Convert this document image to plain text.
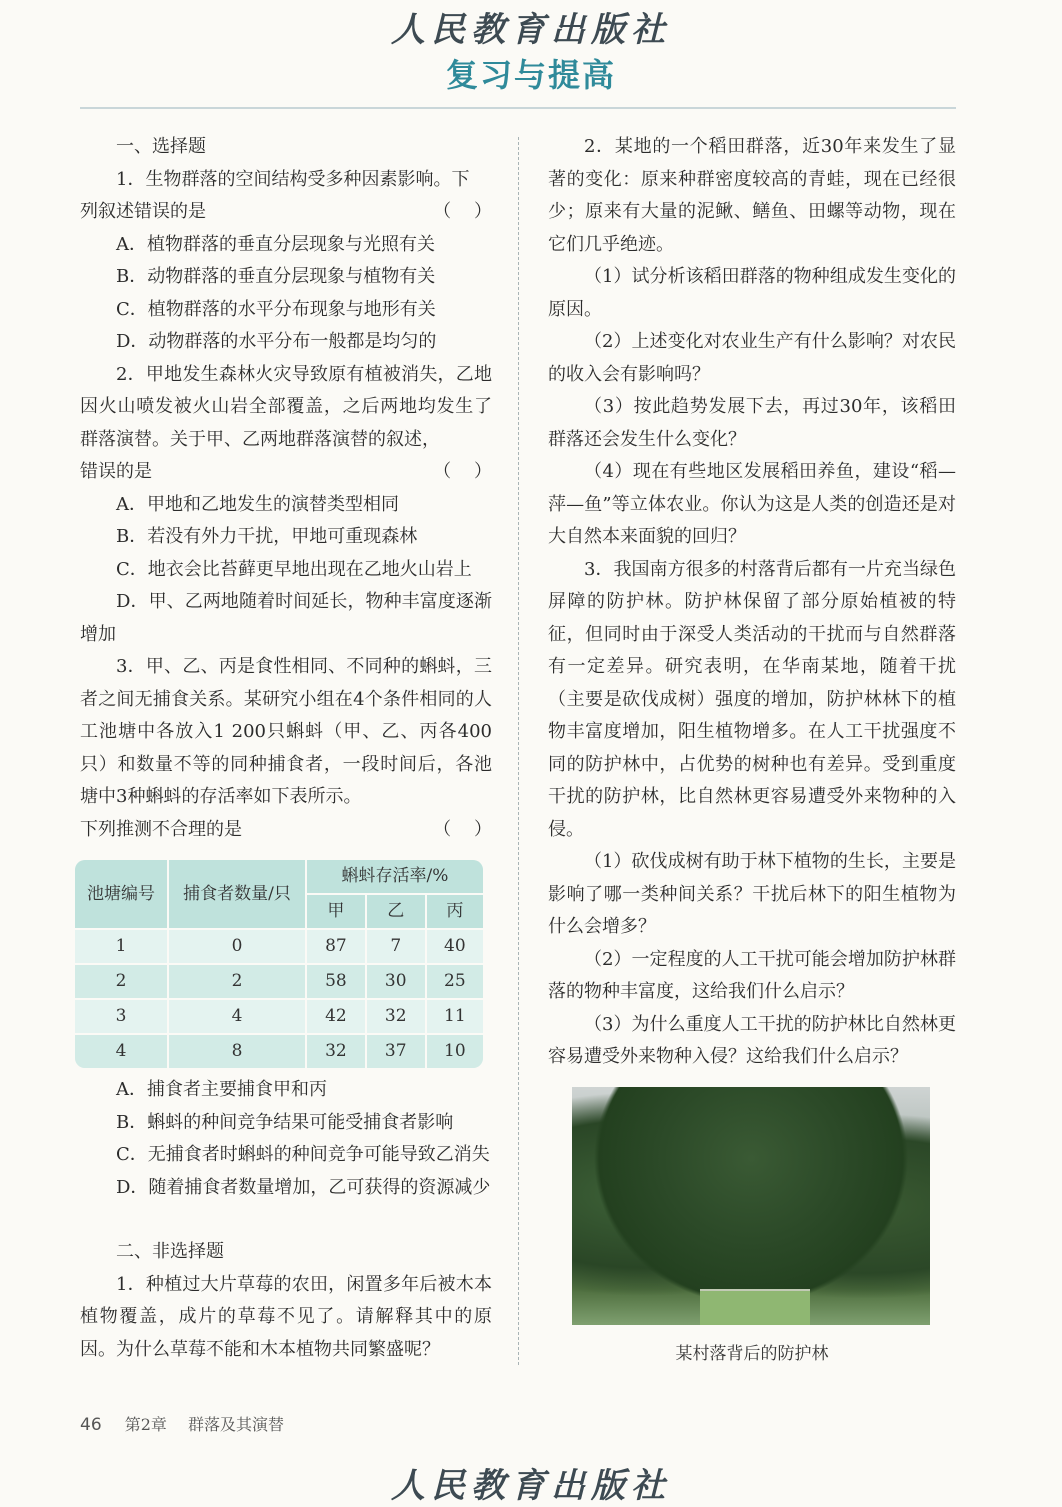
人民教育出版社
复习与提高

一、选择题

1．生物群落的空间结构受多种因素影响。下

列叙述错误的是	（    ）

A．植物群落的垂直分层现象与光照有关

B．动物群落的垂直分层现象与植物有关

C．植物群落的水平分布现象与地形有关

D．动物群落的水平分布一般都是均匀的

2．甲地发生森林火灾导致原有植被消失，乙地因火山喷发被火山岩全部覆盖，之后两地均发生了群落演替。关于甲、乙两地群落演替的叙述，

错误的是	（    ）

A．甲地和乙地发生的演替类型相同

B．若没有外力干扰，甲地可重现森林

C．地衣会比苔藓更早地出现在乙地火山岩上

D．甲、乙两地随着时间延长，物种丰富度逐渐增加

3．甲、乙、丙是食性相同、不同种的蝌蚪，三者之间无捕食关系。某研究小组在4个条件相同的人工池塘中各放入1 200只蝌蚪（甲、乙、丙各400只）和数量不等的同种捕食者，一段时间后，各池塘中3种蝌蚪的存活率如下表所示。

下列推测不合理的是	（    ）

池塘编号	捕食者数量/只	蝌蚪存活率/%		
		甲	乙	丙
1	0	87	7	40
2	2	58	30	25
3	4	42	32	11
4	8	32	37	10

A．捕食者主要捕食甲和丙

B．蝌蚪的种间竞争结果可能受捕食者影响

C．无捕食者时蝌蚪的种间竞争可能导致乙消失

D．随着捕食者数量增加，乙可获得的资源减少

二、非选择题

1．种植过大片草莓的农田，闲置多年后被木本植物覆盖，成片的草莓不见了。请解释其中的原因。为什么草莓不能和木本植物共同繁盛呢？

2．某地的一个稻田群落，近30年来发生了显著的变化：原来种群密度较高的青蛙，现在已经很少；原来有大量的泥鳅、鳝鱼、田螺等动物，现在它们几乎绝迹。

（1）试分析该稻田群落的物种组成发生变化的原因。

（2）上述变化对农业生产有什么影响？对农民的收入会有影响吗？

（3）按此趋势发展下去，再过30年，该稻田群落还会发生什么变化？

（4）现在有些地区发展稻田养鱼，建设“稻—萍—鱼”等立体农业。你认为这是人类的创造还是对大自然本来面貌的回归？

3．我国南方很多的村落背后都有一片充当绿色屏障的防护林。防护林保留了部分原始植被的特征，但同时由于深受人类活动的干扰而与自然群落有一定差异。研究表明，在华南某地，随着干扰（主要是砍伐成树）强度的增加，防护林林下的植物丰富度增加，阳生植物增多。在人工干扰强度不同的防护林中，占优势的树种也有差异。受到重度干扰的防护林，比自然林更容易遭受外来物种的入侵。

（1）砍伐成树有助于林下植物的生长，主要是影响了哪一类种间关系？干扰后林下的阳生植物为什么会增多？

（2）一定程度的人工干扰可能会增加防护林群落的物种丰富度，这给我们什么启示？

（3）为什么重度人工干扰的防护林比自然林更容易遭受外来物种入侵？这给我们什么启示？

某村落背后的防护林
46 第2章 群落及其演替
人民教育出版社
